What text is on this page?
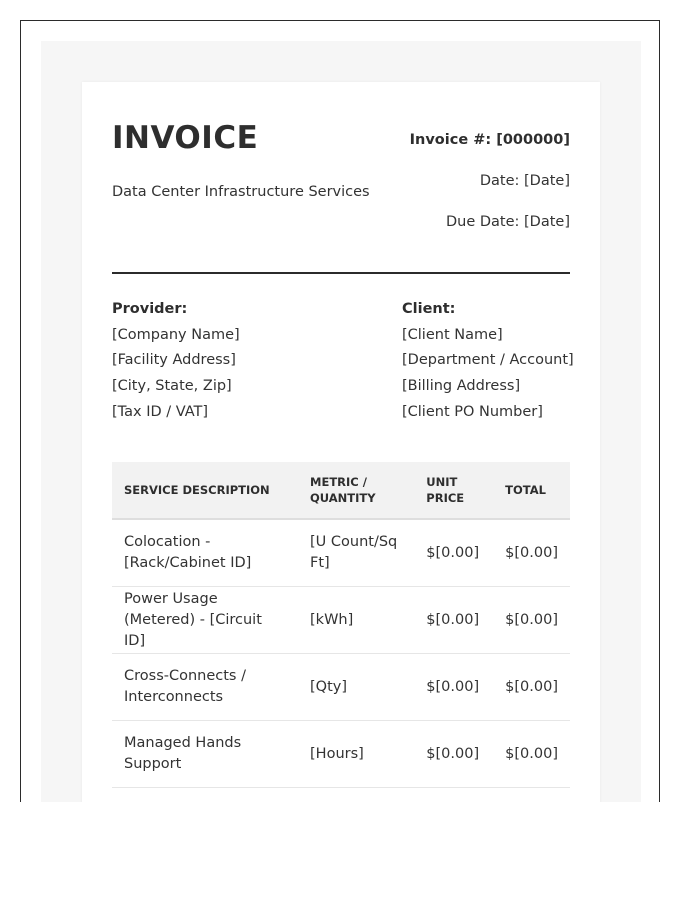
INVOICE
Data Center Infrastructure Services
Invoice #: [000000]
Date: [Date]
Due Date: [Date]
Provider:
[Company Name]
[Facility Address]
[City, State, Zip]
[Tax ID / VAT]
Client:
[Client Name]
[Department / Account]
[Billing Address]
[Client PO Number]
SERVICE DESCRIPTION	METRIC / QUANTITY	UNIT PRICE	TOTAL
Colocation - [Rack/Cabinet ID]	[U Count/Sq Ft]	$[0.00]	$[0.00]
Power Usage (Metered) - [Circuit ID]	[kWh]	$[0.00]	$[0.00]
Cross-Connects / Interconnects	[Qty]	$[0.00]	$[0.00]
Managed Hands Support	[Hours]	$[0.00]	$[0.00]
